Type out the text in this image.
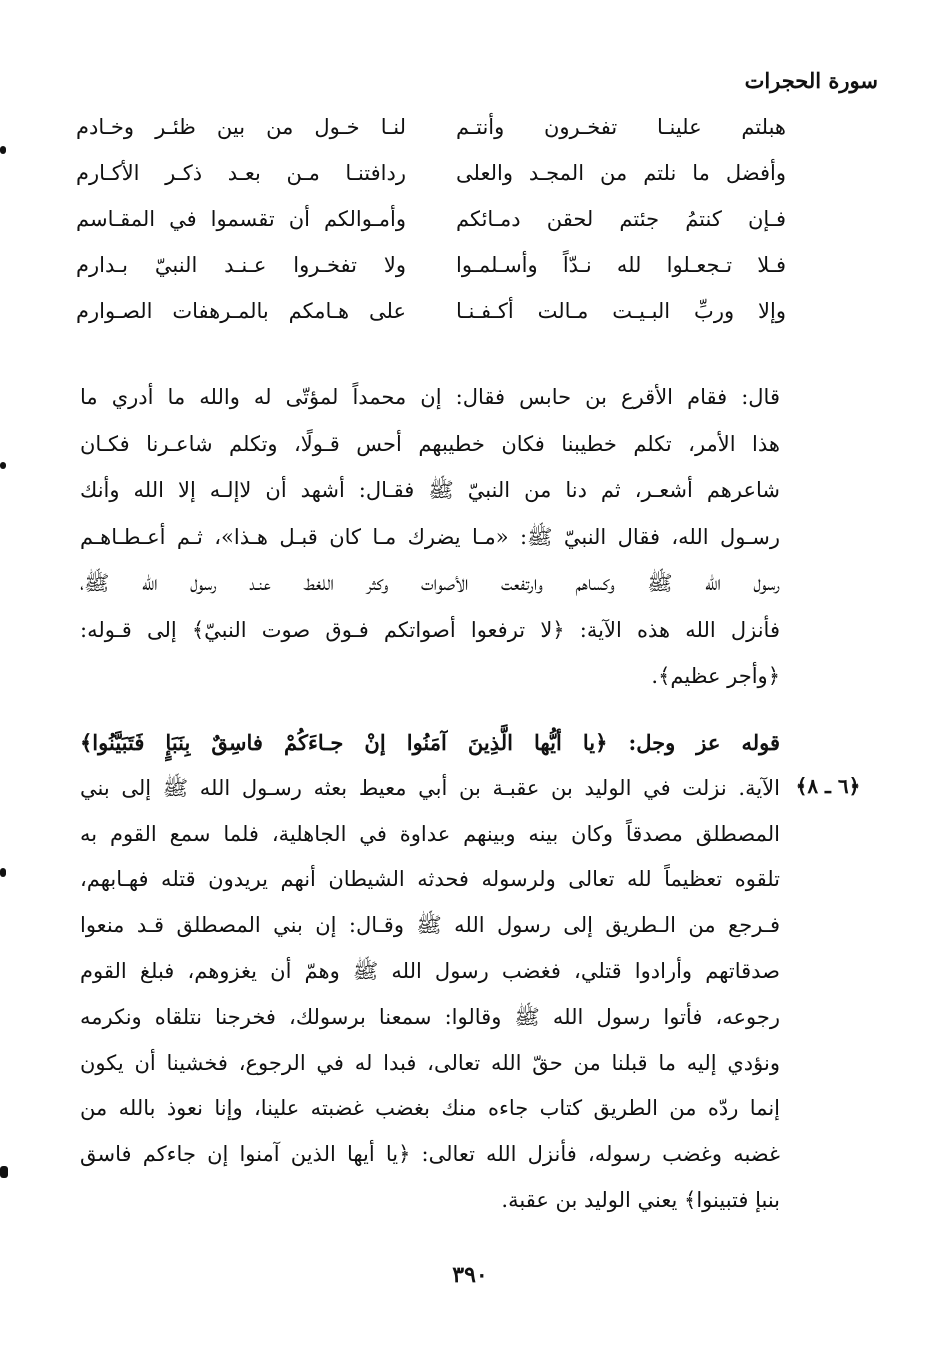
سورة الحجرات
هبلتم علينـا تفخـرون وأنتـم
لنـا خـول من بين ظئـر وخـادم
وأفضل ما نلتم من المجـد والعلى
ردافتنـا مـن بعـد ذكـر الأكـارم
فـإن كنتمُ جئتم لحقن دمـائكم
وأمـوالكم أن تقسموا في المقـاسم
فـلا تـجعـلوا لله نـدّاً وأسـلمـوا
ولا تفخـروا عـنـد النبيّ بـدارم
وإلا وربِّ البـيـت مـالت أكـفـنـا
على هـامكم بالمـرهفات الصـوارم
قال: فقام الأقرع بن حابس فقال: إن محمداً لمؤتّى له والله ما أدري ما
هذا الأمر، تكلم خطيبنا فكان خطيبهم أحس قـولًا، وتكلم شاعـرنا فكـان
شاعرهم أشعـر، ثم دنا من النبيّ ﷺ فقـال: أشهد أن لاإلـه إلا الله وأنك
رسـول الله، فقال النبيّ ﷺ: «مـا يضرك مـا كان قبـل هـذا»، ثـم أعـطـاهـم
رسول الله ﷺ وكساهم وارتفعت الأصوات وكثر اللغط عنـد رسول الله ﷺ،
فأنزل الله هذه الآية: ﴿لا ترفعوا أصواتكم فـوق صوت النبيّ﴾ إلى قـوله:
﴿وأجر عظيم﴾.
قوله عز وجل: ﴿يا أيُّها الَّذِينَ آمَنُوا إنْ جـاءَكُمْ فاسِقٌ بِنَبَإٍ فَتَبَيَّنُوا﴾
الآية. نزلت في الوليد بن عقبـة بن أبي معيط بعثه رسـول الله ﷺ إلى بني
المصطلق مصدقاً وكان بينه وبينهم عداوة في الجاهلية، فلما سمع القوم به
تلقوه تعظيماً لله تعالى ولرسوله فحدثه الشيطان أنهم يريدون قتله فهـابهم،
فـرجع من الـطريق إلى رسول الله ﷺ وقـال: إن بني المصطلق قـد منعوا
صدقاتهم وأرادوا قتلي، فغضب رسول الله ﷺ وهمّ أن يغزوهم، فبلغ القوم
رجوعه، فأتوا رسول الله ﷺ وقالوا: سمعنا برسولك، فخرجنا نتلقاه ونكرمه
ونؤدي إليه ما قبلنا من حقّ الله تعالى، فبدا له في الرجوع، فخشينا أن يكون
إنما ردّه من الطريق كتاب جاءه منك بغضب غضبته علينا، وإنا نعوذ بالله من
غضبه وغضب رسوله، فأنزل الله تعالى: ﴿يا أيها الذين آمنوا إن جاءكم فاسق
بنبإ فتبينوا﴾ يعني الوليد بن عقبة.
﴿٦ ـ ٨﴾
٣٩٠
